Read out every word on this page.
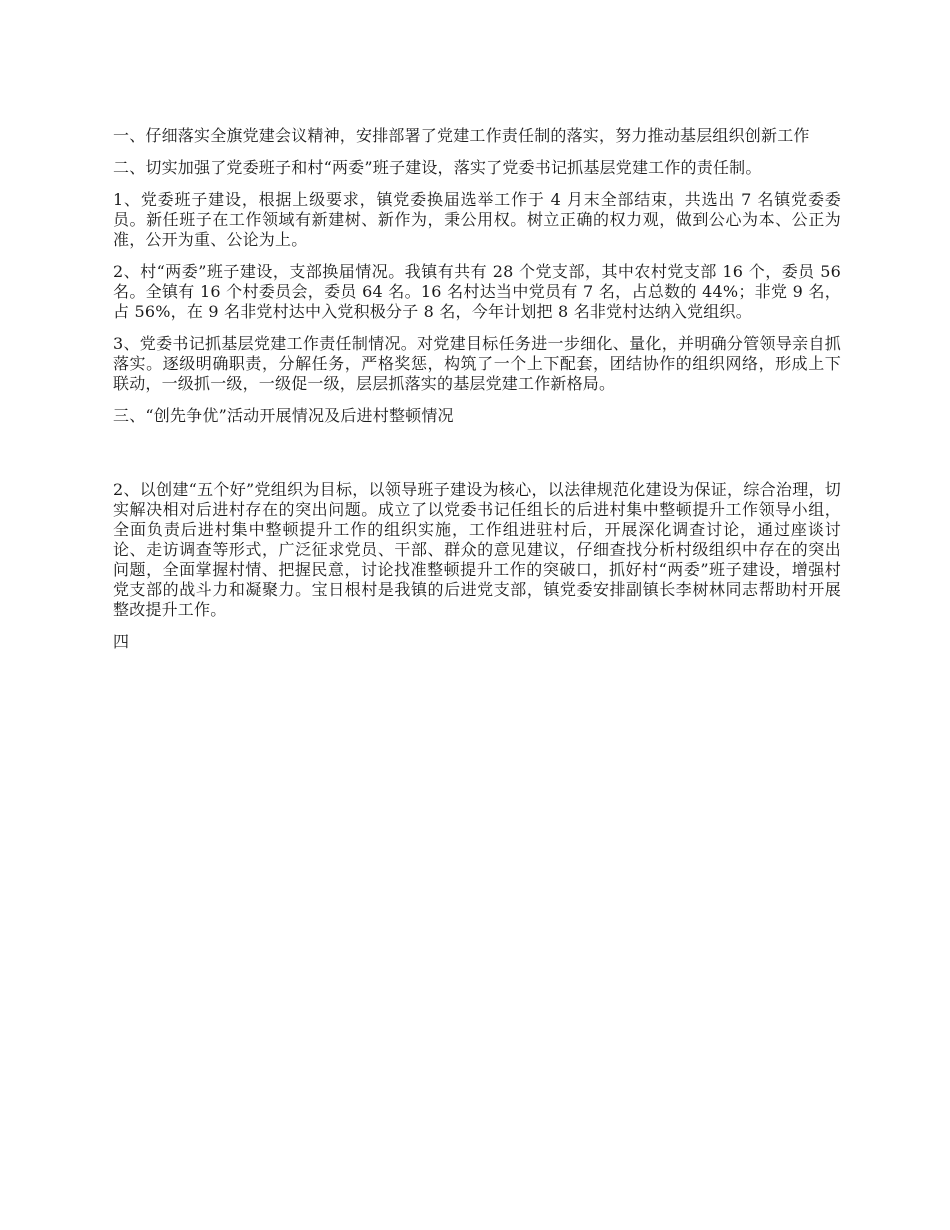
一、仔细落实全旗党建会议精神，安排部署了党建工作责任制的落实，努力推动基层组织创新工作

二、切实加强了党委班子和村“两委”班子建设，落实了党委书记抓基层党建工作的责任制。

1、党委班子建设，根据上级要求，镇党委换届选举工作于 4 月末全部结束，共选出 7 名镇党委委员。新任班子在工作领域有新建树、新作为，秉公用权。树立正确的权力观，做到公心为本、公正为准，公开为重、公论为上。

2、村“两委”班子建设，支部换届情况。我镇有共有 28 个党支部，其中农村党支部 16 个，委员 56 名。全镇有 16 个村委员会，委员 64 名。16 名村达当中党员有 7 名，占总数的 44%；非党 9 名，占 56%，在 9 名非党村达中入党积极分子 8 名，今年计划把 8 名非党村达纳入党组织。

3、党委书记抓基层党建工作责任制情况。对党建目标任务进一步细化、量化，并明确分管领导亲自抓落实。逐级明确职责，分解任务，严格奖惩，构筑了一个上下配套，团结协作的组织网络，形成上下联动，一级抓一级，一级促一级，层层抓落实的基层党建工作新格局。

三、“创先争优”活动开展情况及后进村整顿情况

2、以创建“五个好”党组织为目标，以领导班子建设为核心，以法律规范化建设为保证，综合治理，切实解决相对后进村存在的突出问题。成立了以党委书记任组长的后进村集中整顿提升工作领导小组，全面负责后进村集中整顿提升工作的组织实施，工作组进驻村后，开展深化调查讨论，通过座谈讨论、走访调查等形式，广泛征求党员、干部、群众的意见建议，仔细查找分析村级组织中存在的突出问题，全面掌握村情、把握民意，讨论找准整顿提升工作的突破口，抓好村“两委”班子建设，增强村党支部的战斗力和凝聚力。宝日根村是我镇的后进党支部，镇党委安排副镇长李树林同志帮助村开展整改提升工作。

四
